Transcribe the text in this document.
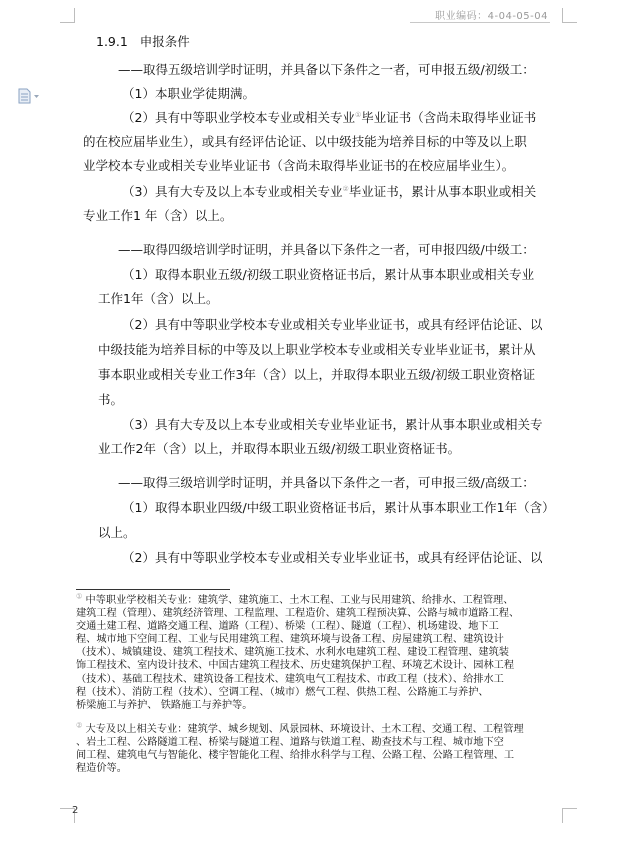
职业编码：4-04-05-04
1.9.1 申报条件
——取得五级培训学时证明，并具备以下条件之一者，可申报五级/初级工：
（1）本职业学徒期满。
（2）具有中等职业学校本专业或相关专业①毕业证书（含尚未取得毕业证书
的在校应届毕业生），或具有经评估论证、以中级技能为培养目标的中等及以上职
业学校本专业或相关专业毕业证书（含尚未取得毕业证书的在校应届毕业生）。
（3）具有大专及以上本专业或相关专业②毕业证书，累计从事本职业或相关
专业工作1 年（含）以上。
——取得四级培训学时证明，并具备以下条件之一者，可申报四级/中级工：
（1）取得本职业五级/初级工职业资格证书后，累计从事本职业或相关专业
工作1年（含）以上。
（2）具有中等职业学校本专业或相关专业毕业证书，或具有经评估论证、以
中级技能为培养目标的中等及以上职业学校本专业或相关专业毕业证书，累计从
事本职业或相关专业工作3年（含）以上，并取得本职业五级/初级工职业资格证
书。
（3）具有大专及以上本专业或相关专业毕业证书，累计从事本职业或相关专
业工作2年（含）以上，并取得本职业五级/初级工职业资格证书。
——取得三级培训学时证明，并具备以下条件之一者，可申报三级/高级工：
（1）取得本职业四级/中级工职业资格证书后，累计从事本职业工作1年（含）
以上。
（2）具有中等职业学校本专业或相关专业毕业证书，或具有经评估论证、以
① 中等职业学校相关专业：建筑学、建筑施工、土木工程、工业与民用建筑、给排水、工程管理、
建筑工程（管理）、建筑经济管理、工程监理、工程造价、建筑工程预决算、公路与城市道路工程、
交通土建工程、道路交通工程、道路（工程）、桥梁（工程）、隧道（工程）、机场建设、地下工
程、城市地下空间工程、工业与民用建筑工程、建筑环境与设备工程、房屋建筑工程、建筑设计
（技术）、城镇建设、建筑工程技术、建筑施工技术、水利水电建筑工程、建设工程管理、建筑装
饰工程技术、室内设计技术、中国古建筑工程技术、历史建筑保护工程、环境艺术设计、园林工程
（技术）、基础工程技术、建筑设备工程技术、建筑电气工程技术、市政工程（技术）、给排水工
程（技术）、消防工程（技术）、空调工程、（城市）燃气工程、供热工程、公路施工与养护、
桥梁施工与养护、 铁路施工与养护等。
② 大专及以上相关专业：建筑学、城乡规划、风景园林、环境设计、土木工程、交通工程、工程管理
、岩土工程、公路隧道工程、桥梁与隧道工程、道路与铁道工程、勘查技术与工程、城市地下空
间工程、建筑电气与智能化、楼宇智能化工程、给排水科学与工程、公路工程、公路工程管理、工
程造价等。
2
